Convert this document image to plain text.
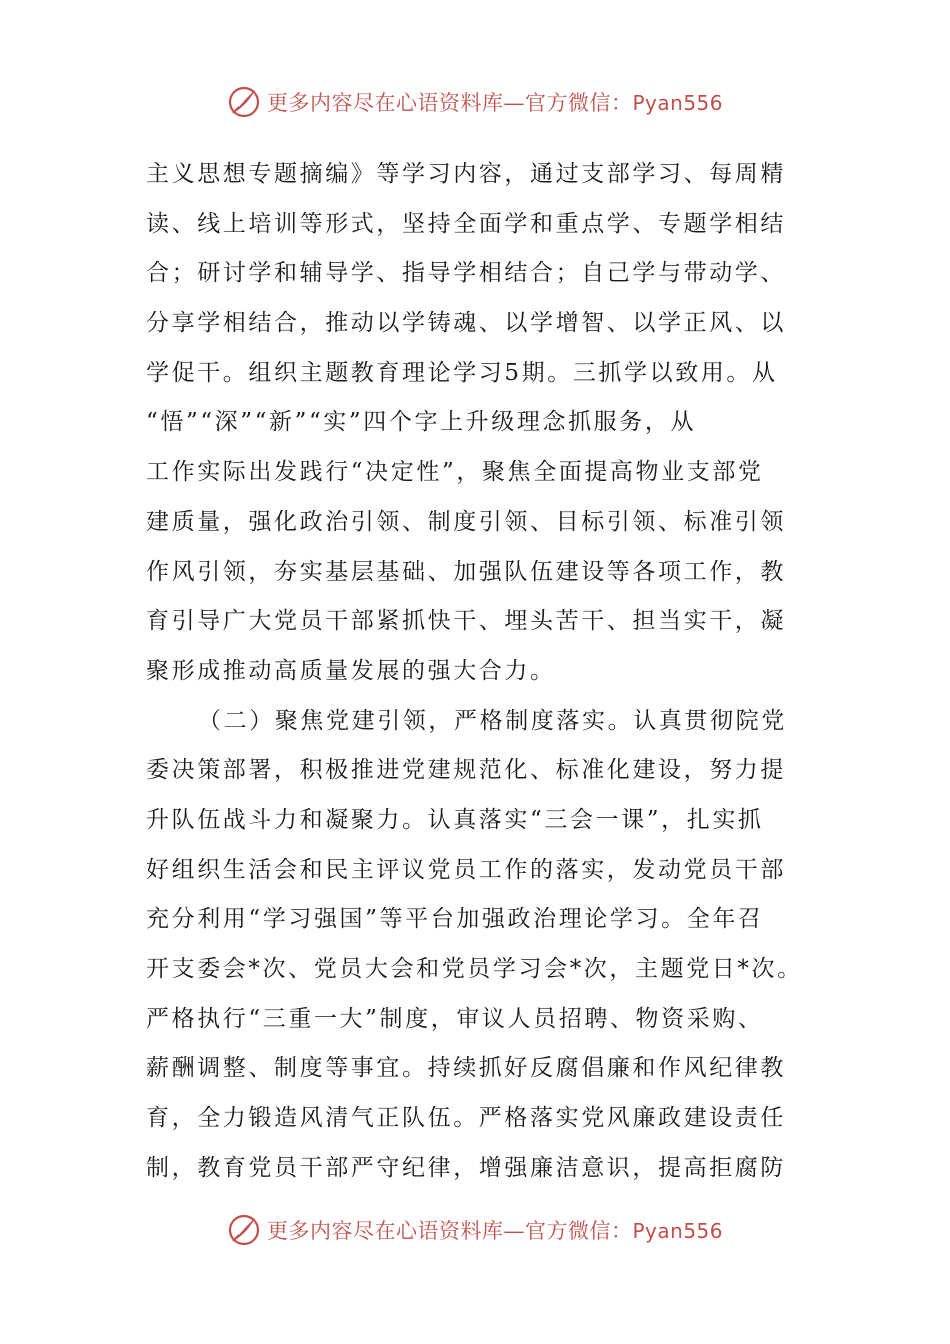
更多内容尽在心语资料库—官方微信：Pyan556
主义思想专题摘编》等学习内容，通过支部学习、每周精
读、线上培训等形式，坚持全面学和重点学、专题学相结
合；研讨学和辅导学、指导学相结合；自己学与带动学、
分享学相结合，推动以学铸魂、以学增智、以学正风、以
学促干。组织主题教育理论学习5期。三抓学以致用。从
“悟”“深”“新”“实”四个字上升级理念抓服务，从
工作实际出发践行“决定性”，聚焦全面提高物业支部党
建质量，强化政治引领、制度引领、目标引领、标准引领
作风引领，夯实基层基础、加强队伍建设等各项工作，教
育引导广大党员干部紧抓快干、埋头苦干、担当实干，凝
聚形成推动高质量发展的强大合力。
（二）聚焦党建引领，严格制度落实。认真贯彻院党
委决策部署，积极推进党建规范化、标准化建设，努力提
升队伍战斗力和凝聚力。认真落实“三会一课”，扎实抓
好组织生活会和民主评议党员工作的落实，发动党员干部
充分利用“学习强国”等平台加强政治理论学习。全年召
开支委会*次、党员大会和党员学习会*次，主题党日*次。
严格执行“三重一大”制度，审议人员招聘、物资采购、
薪酬调整、制度等事宜。持续抓好反腐倡廉和作风纪律教
育，全力锻造风清气正队伍。严格落实党风廉政建设责任
制，教育党员干部严守纪律，增强廉洁意识，提高拒腐防
更多内容尽在心语资料库—官方微信：Pyan556
